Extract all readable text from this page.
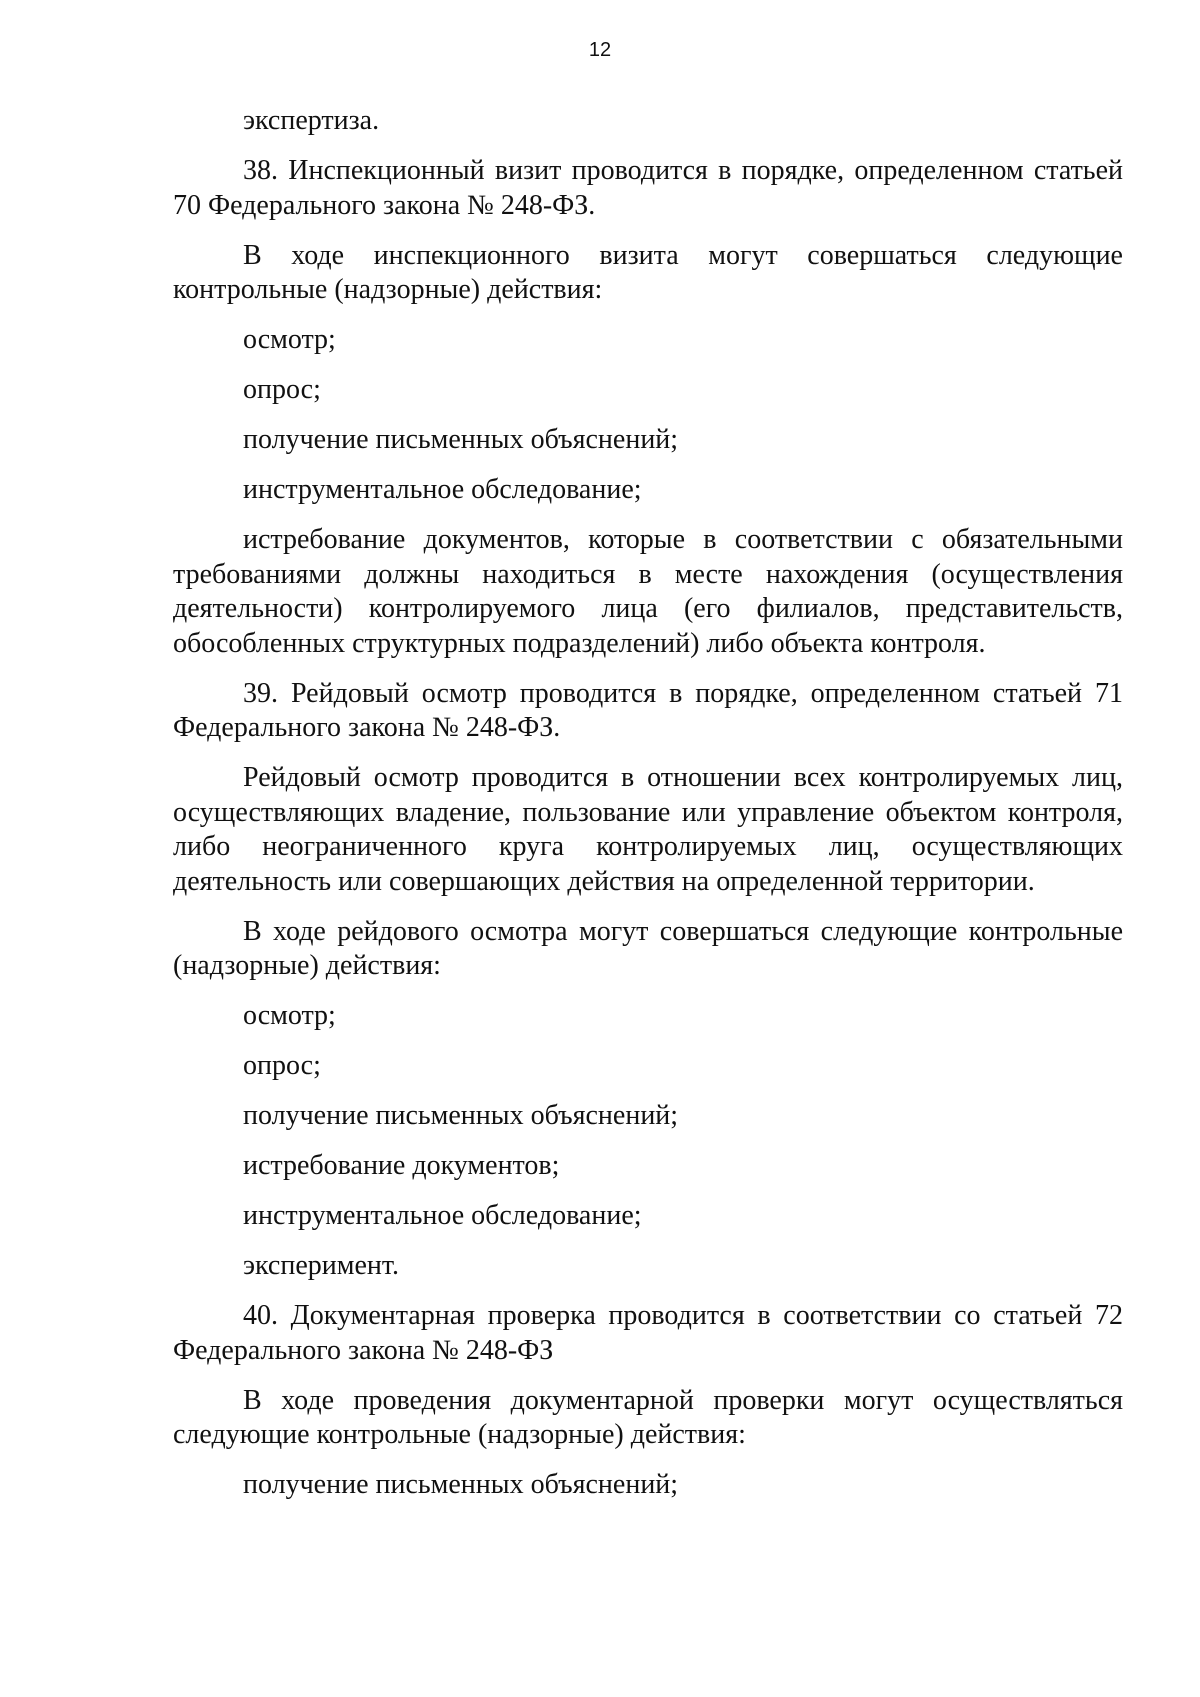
12

экспертиза.

38. Инспекционный визит проводится в порядке, определенном статьей 70 Федерального закона № 248-ФЗ.

В ходе инспекционного визита могут совершаться следующие контрольные (надзорные) действия:

осмотр;

опрос;

получение письменных объяснений;

инструментальное обследование;

истребование документов, которые в соответствии с обязательными требованиями должны находиться в месте нахождения (осуществления деятельности) контролируемого лица (его филиалов, представительств, обособленных структурных подразделений) либо объекта контроля.

39. Рейдовый осмотр проводится в порядке, определенном статьей 71 Федерального закона № 248-ФЗ.

Рейдовый осмотр проводится в отношении всех контролируемых лиц, осуществляющих владение, пользование или управление объектом контроля, либо неограниченного круга контролируемых лиц, осуществляющих деятельность или совершающих действия на определенной территории.

В ходе рейдового осмотра могут совершаться следующие контрольные (надзорные) действия:

осмотр;

опрос;

получение письменных объяснений;

истребование документов;

инструментальное обследование;

эксперимент.

40. Документарная проверка проводится в соответствии со статьей 72 Федерального закона № 248-ФЗ

В ходе проведения документарной проверки могут осуществляться следующие контрольные (надзорные) действия:

получение письменных объяснений;
